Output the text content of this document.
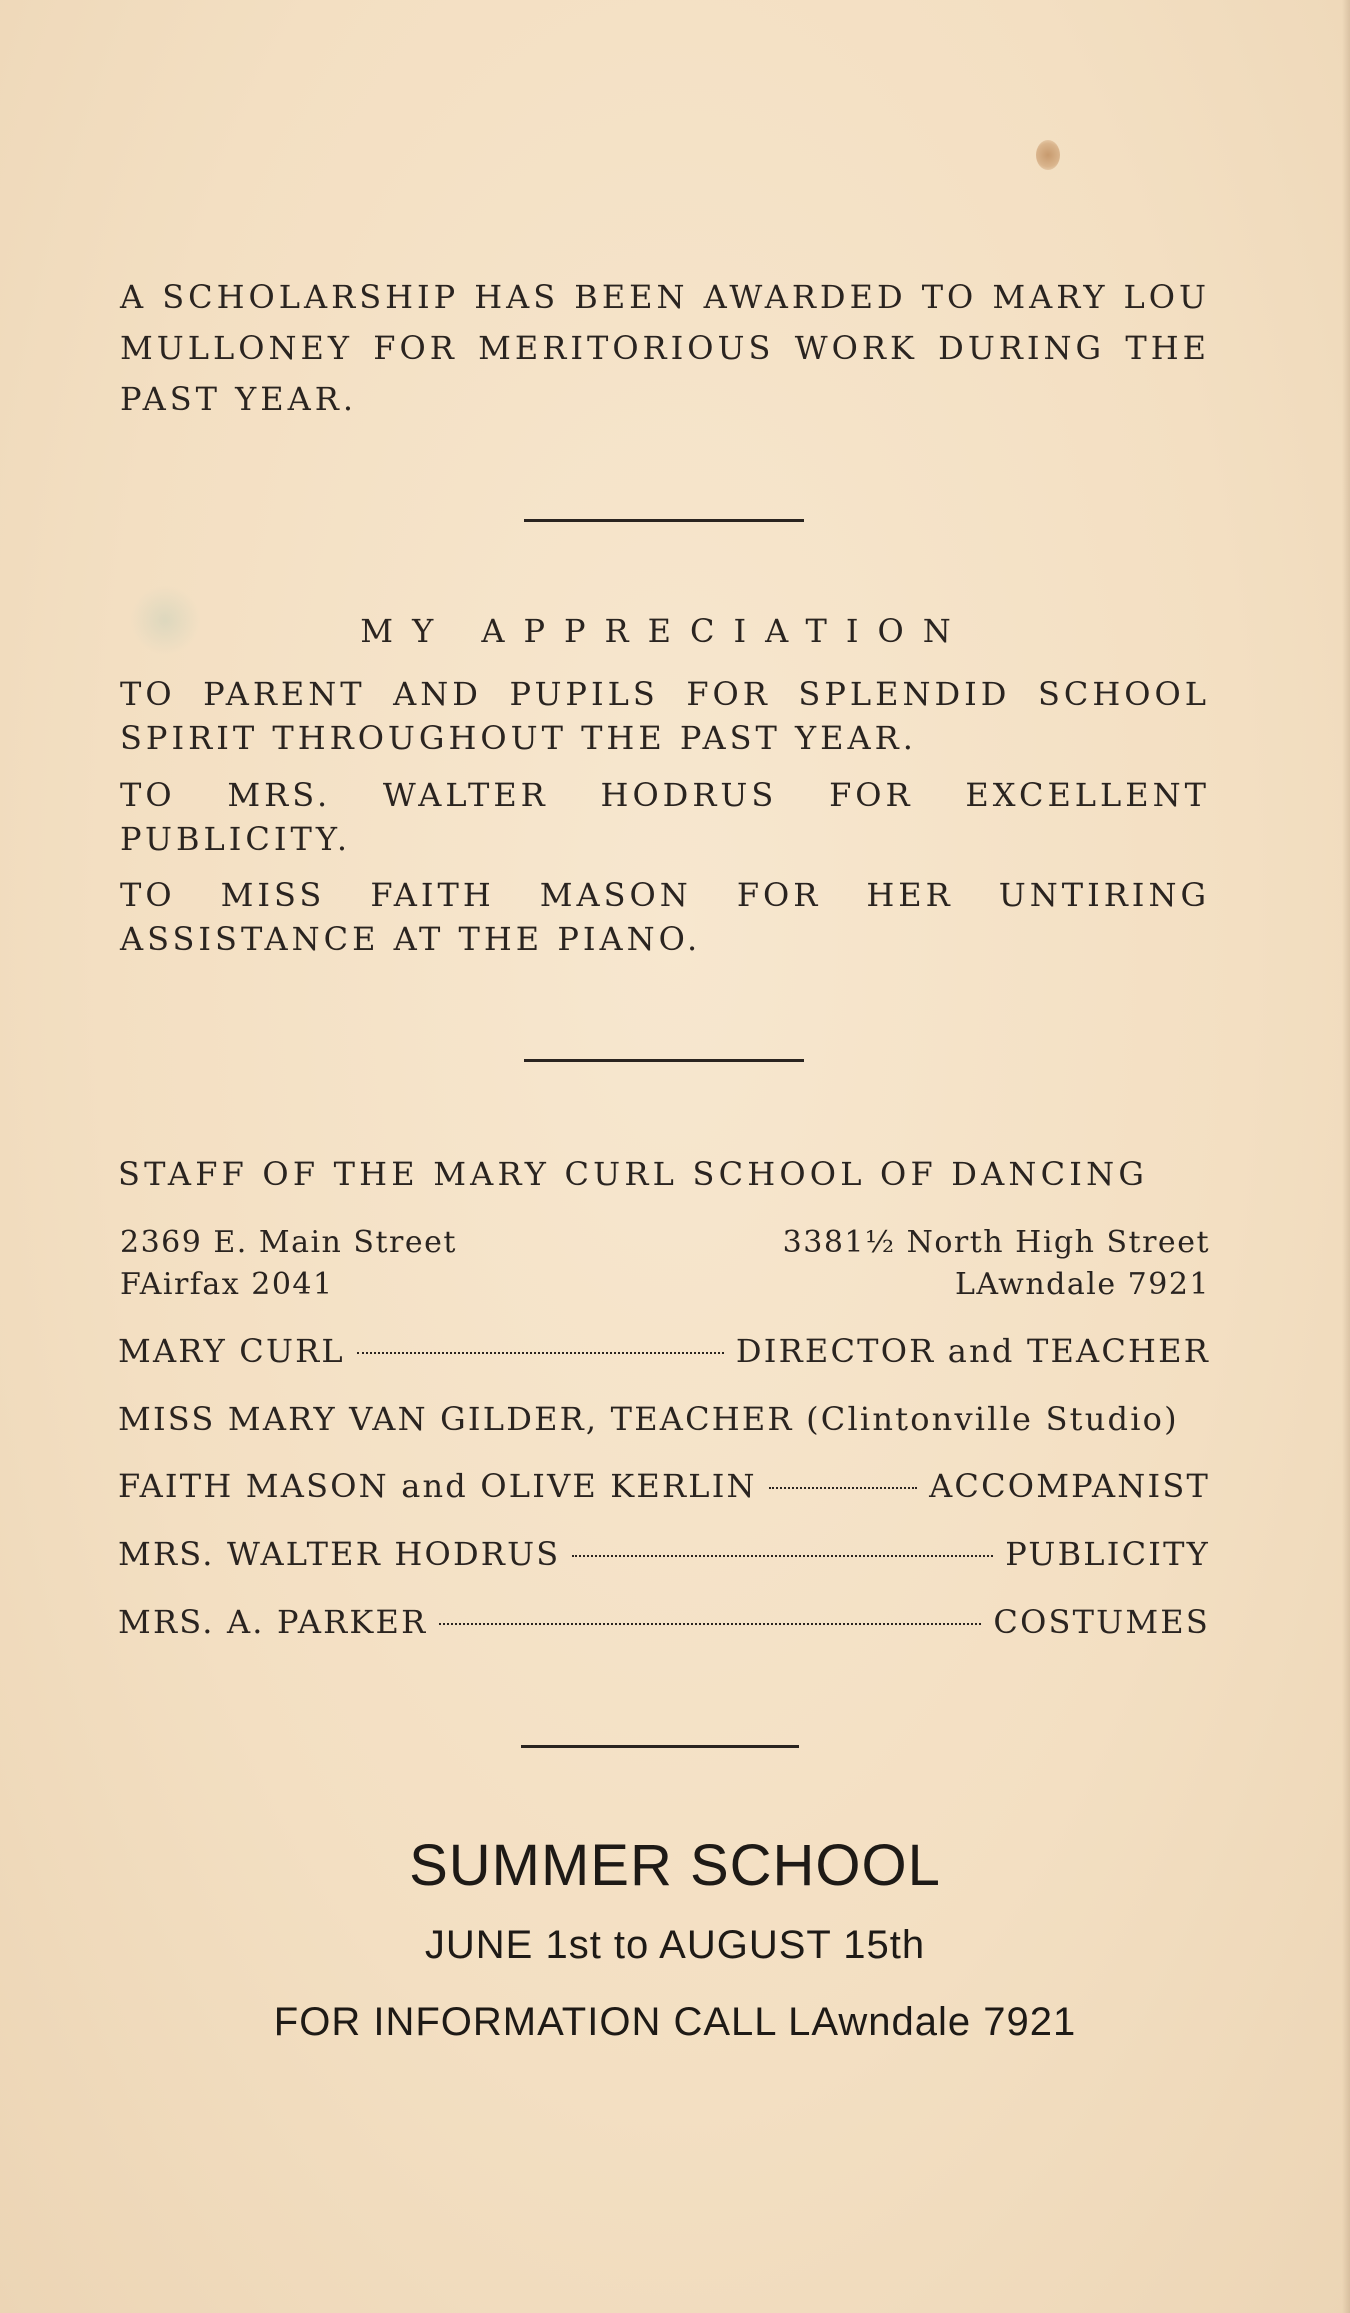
A SCHOLARSHIP HAS BEEN AWARDED TO MARY LOU MULLONEY FOR MERITORIOUS WORK DURING THE PAST YEAR.
MY APPRECIATION
TO PARENT AND PUPILS FOR SPLENDID SCHOOL SPIRIT THROUGHOUT THE PAST YEAR.
TO MRS. WALTER HODRUS FOR EXCELLENT PUBLICITY.
TO MISS FAITH MASON FOR HER UNTIRING ASSISTANCE AT THE PIANO.
STAFF OF THE MARY CURL SCHOOL OF DANCING
2369 E. Main Street
FAirfax 2041
3381½ North High Street
LAwndale 7921
MARY CURL	DIRECTOR and TEACHER
MISS MARY VAN GILDER, TEACHER (Clintonville Studio)
FAITH MASON and OLIVE KERLIN	ACCOMPANIST
MRS. WALTER HODRUS	PUBLICITY
MRS. A. PARKER	COSTUMES
SUMMER SCHOOL
JUNE 1st to AUGUST 15th
FOR INFORMATION CALL LAwndale 7921
